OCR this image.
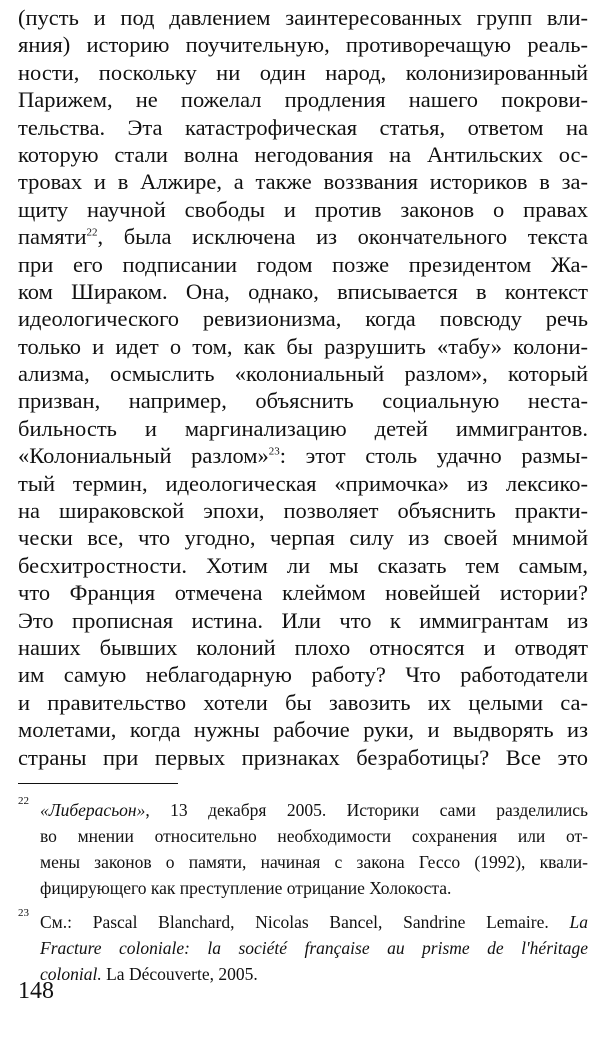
(пусть и под давлением заинтересованных групп вли-
яния) историю поучительную, противоречащую реаль-
ности, поскольку ни один народ, колонизированный
Парижем, не пожелал продления нашего покрови-
тельства. Эта катастрофическая статья, ответом на
которую стали волна негодования на Антильских ос-
тровах и в Алжире, а также воззвания историков в за-
щиту научной свободы и против законов о правах
памяти$^{22}$, была исключена из окончательного текста
при его подписании годом позже президентом Жа-
ком Шираком. Она, однако, вписывается в контекст
идеологического ревизионизма, когда повсюду речь
только и идет о том, как бы разрушить «табу» колони-
ализма, осмыслить «колониальный разлом», который
призван, например, объяснить социальную неста-
бильность и маргинализацию детей иммигрантов.
«Колониальный разлом»$^{23}$: этот столь удачно размы-
тый термин, идеологическая «примочка» из лексико-
на шираковской эпохи, позволяет объяснить практи-
чески все, что угодно, черпая силу из своей мнимой
бесхитростности. Хотим ли мы сказать тем самым,
что Франция отмечена клеймом новейшей истории?
Это прописная истина. Или что к иммигрантам из
наших бывших колоний плохо относятся и отводят
им самую неблагодарную работу? Что работодатели
и правительство хотели бы завозить их целыми са-
молетами, когда нужны рабочие руки, и выдворять из
страны при первых признаках безработицы? Все это
22 «Либерасьон», 13 декабря 2005. Историки сами разделились
во мнении относительно необходимости сохранения или от-
мены законов о памяти, начиная с закона Гессо (1992), квали-
фицирующего как преступление отрицание Холокоста.
23 См.: Pascal Blanchard, Nicolas Bancel, Sandrine Lemaire. La
Fracture coloniale: la société française au prisme de l'héritage
colonial. La Découverte, 2005.
148
